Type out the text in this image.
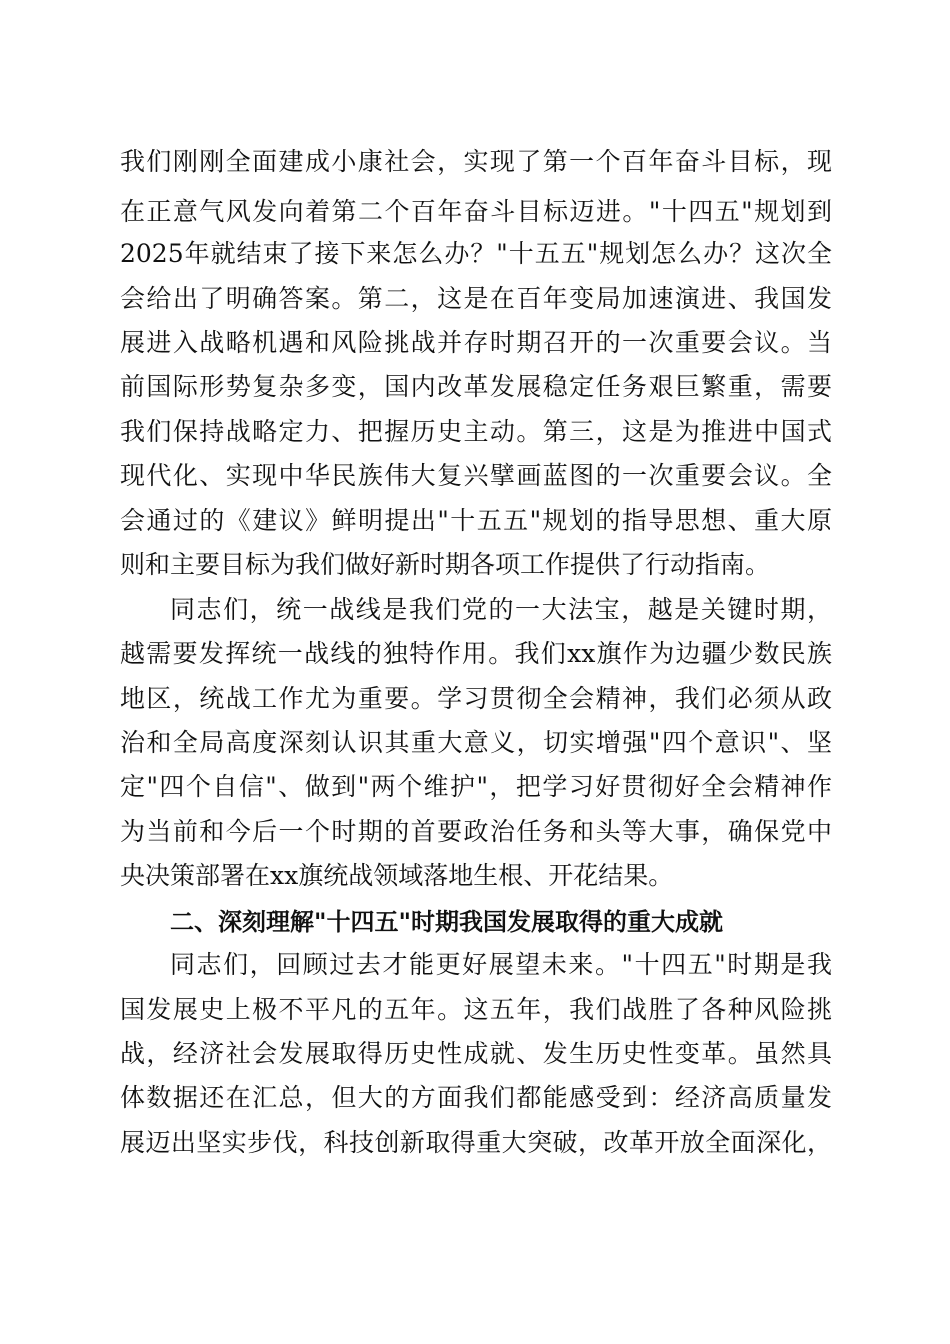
我们刚刚全面建成小康社会，实现了第一个百年奋斗目标，现
在正意气风发向着第二个百年奋斗目标迈进。"十四五"规划到
2025年就结束了接下来怎么办？"十五五"规划怎么办？这次全
会给出了明确答案。第二，这是在百年变局加速演进、我国发
展进入战略机遇和风险挑战并存时期召开的一次重要会议。当
前国际形势复杂多变，国内改革发展稳定任务艰巨繁重，需要
我们保持战略定力、把握历史主动。第三，这是为推进中国式
现代化、实现中华民族伟大复兴擘画蓝图的一次重要会议。全
会通过的《建议》鲜明提出"十五五"规划的指导思想、重大原
则和主要目标为我们做好新时期各项工作提供了行动指南。
同志们，统一战线是我们党的一大法宝，越是关键时期，
越需要发挥统一战线的独特作用。我们xx旗作为边疆少数民族
地区，统战工作尤为重要。学习贯彻全会精神，我们必须从政
治和全局高度深刻认识其重大意义，切实增强"四个意识"、坚
定"四个自信"、做到"两个维护"，把学习好贯彻好全会精神作
为当前和今后一个时期的首要政治任务和头等大事，确保党中
央决策部署在xx旗统战领域落地生根、开花结果。
二、深刻理解"十四五"时期我国发展取得的重大成就
同志们，回顾过去才能更好展望未来。"十四五"时期是我
国发展史上极不平凡的五年。这五年，我们战胜了各种风险挑
战，经济社会发展取得历史性成就、发生历史性变革。虽然具
体数据还在汇总，但大的方面我们都能感受到：经济高质量发
展迈出坚实步伐，科技创新取得重大突破，改革开放全面深化，
